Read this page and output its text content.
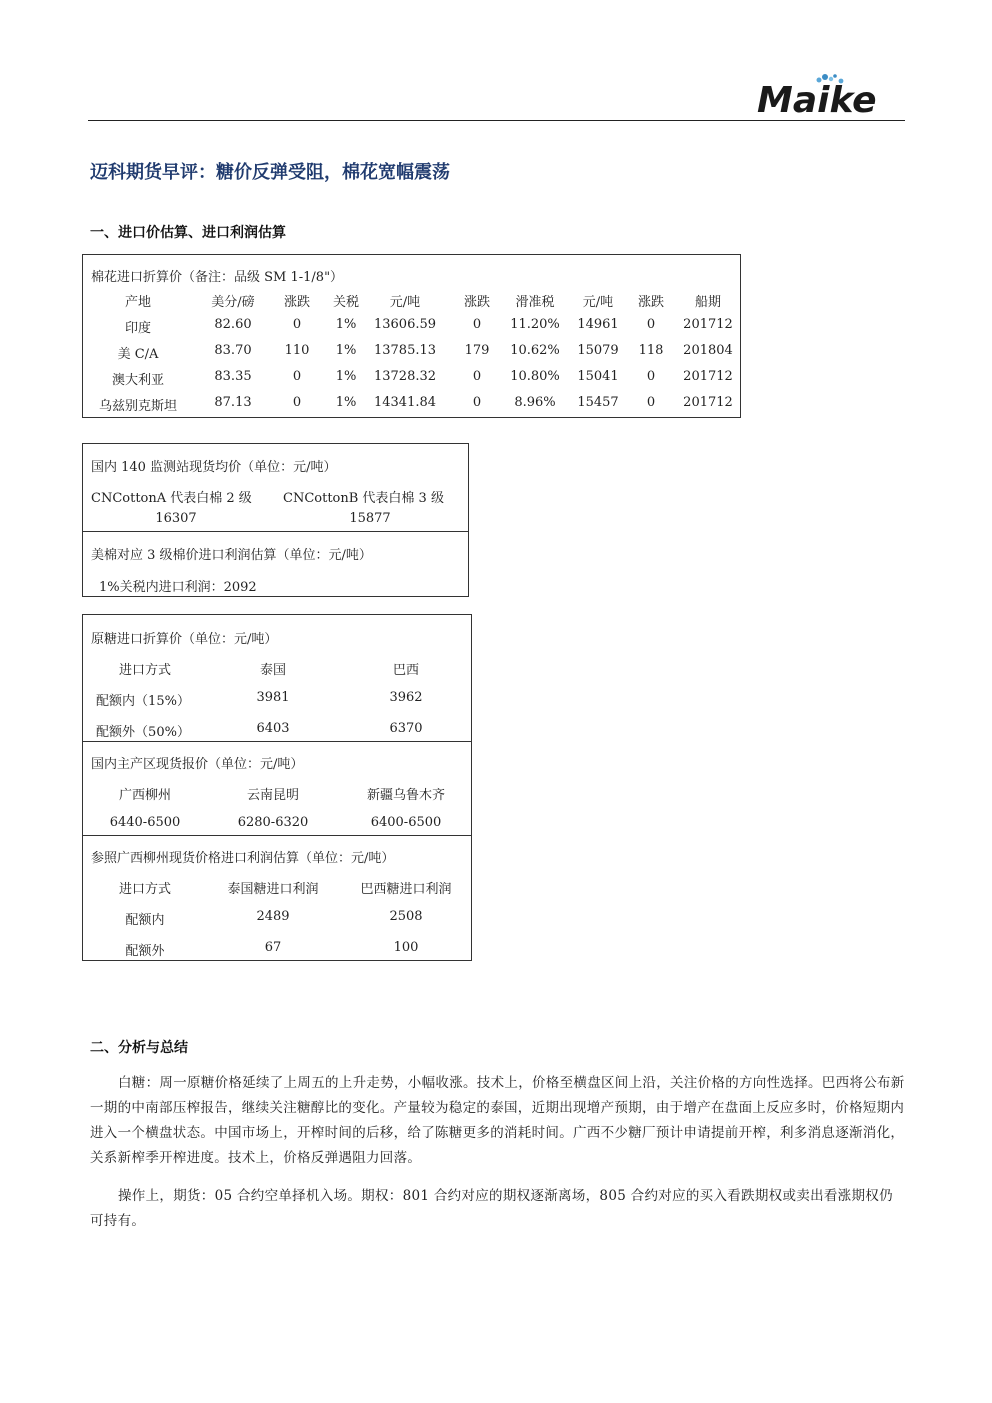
Maike
迈科期货早评：糖价反弹受阻，棉花宽幅震荡
一、进口价估算、进口利润估算
棉花进口折算价（备注：品级 SM 1-1/8"）
产地	美分/磅 涨跌 关税 元/吨	涨跌 滑准税 元/吨 涨跌 船期
印度	82.60	0	1% 13606.59	0 11.20% 14961 0 201712
美 C/A	83.70	110 1% 13785.13 179 10.62% 15079 118 201804
澳大利亚	83.35	0	1% 13728.32	0 10.80% 15041 0 201712
乌兹别克斯坦	87.13	0	1% 14341.84	0	8.96% 15457 0 201712
国内 140 监测站现货均价（单位：元/吨）
CNCottonA 代表白棉 2 级 CNCottonB 代表白棉 3 级
16307	15877
美棉对应 3 级棉价进口利润估算（单位：元/吨）
1%关税内进口利润：2092
原糖进口折算价（单位：元/吨）
进口方式	泰国	巴西
配额内（15%）	3981	3962
配额外（50%）	6403	6370
国内主产区现货报价（单位：元/吨）
广西柳州	云南昆明	新疆乌鲁木齐
6440-6500	6280-6320	6400-6500
参照广西柳州现货价格进口利润估算（单位：元/吨）
进口方式	泰国糖进口利润	巴西糖进口利润
配额内	2489	2508
配额外	67	100
二、分析与总结
白糖：周一原糖价格延续了上周五的上升走势，小幅收涨。技术上，价格至横盘区间上沿，关注价格的方向性选择。巴西将公布新一期的中南部压榨报告，继续关注糖醇比的变化。产量较为稳定的泰国，近期出现增产预期，由于增产在盘面上反应多时，价格短期内进入一个横盘状态。中国市场上，开榨时间的后移，给了陈糖更多的消耗时间。广西不少糖厂预计申请提前开榨，利多消息逐渐消化，关系新榨季开榨进度。技术上，价格反弹遇阻力回落。
操作上，期货：05 合约空单择机入场。期权：801 合约对应的期权逐渐离场，805 合约对应的买入看跌期权或卖出看涨期权仍可持有。
